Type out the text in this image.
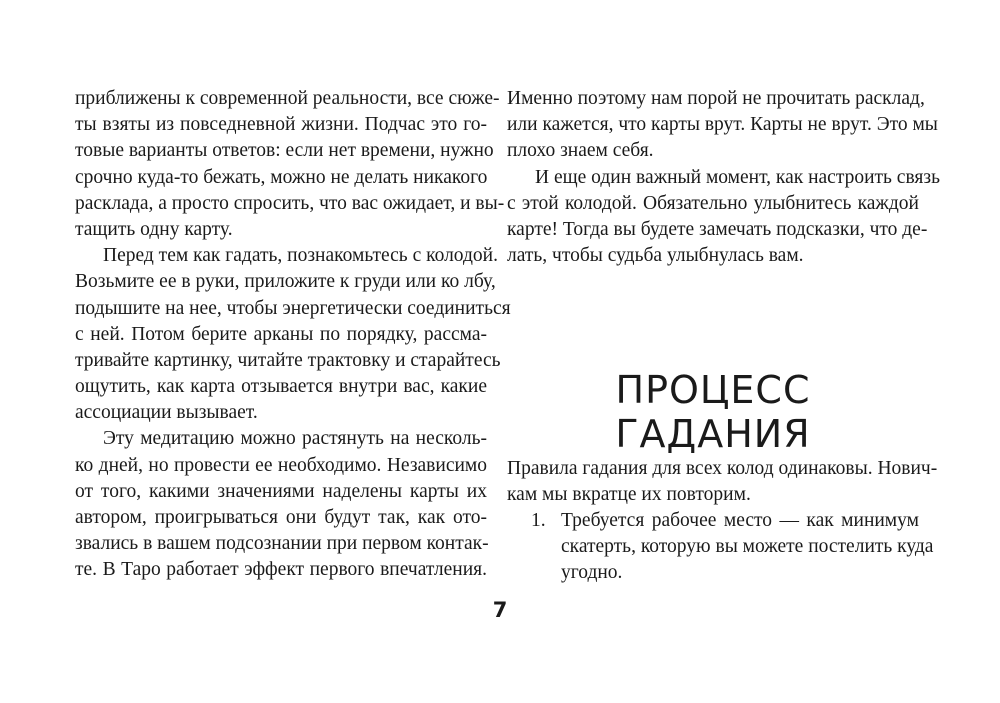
приближены к современной реальности, все сюже-
ты взяты из повседневной жизни. Подчас это го-
товые варианты ответов: если нет времени, нужно
срочно куда-то бежать, можно не делать никакого
расклада, а просто спросить, что вас ожидает, и вы-
тащить одну карту.
Перед тем как гадать, познакомьтесь с колодой.
Возьмите ее в руки, приложите к груди или ко лбу,
подышите на нее, чтобы энергетически соединиться
с ней. Потом берите арканы по порядку, рассма-
тривайте картинку, читайте трактовку и старайтесь
ощутить, как карта отзывается внутри вас, какие
ассоциации вызывает.
Эту медитацию можно растянуть на несколь-
ко дней, но провести ее необходимо. Независимо
от того, какими значениями наделены карты их
автором, проигрываться они будут так, как ото-
звались в вашем подсознании при первом контак-
те. В Таро работает эффект первого впечатления.
Именно поэтому нам порой не прочитать расклад,
или кажется, что карты врут. Карты не врут. Это мы
плохо знаем себя.
И еще один важный момент, как настроить связь
с этой колодой. Обязательно улыбнитесь каждой
карте! Тогда вы будете замечать подсказки, что де-
лать, чтобы судьба улыбнулась вам.
ПРОЦЕСС
ГАДАНИЯ
Правила гадания для всех колод одинаковы. Нович-
кам мы вкратце их повторим.
1. Требуется рабочее место — как минимум
скатерть, которую вы можете постелить куда
угодно.
7
